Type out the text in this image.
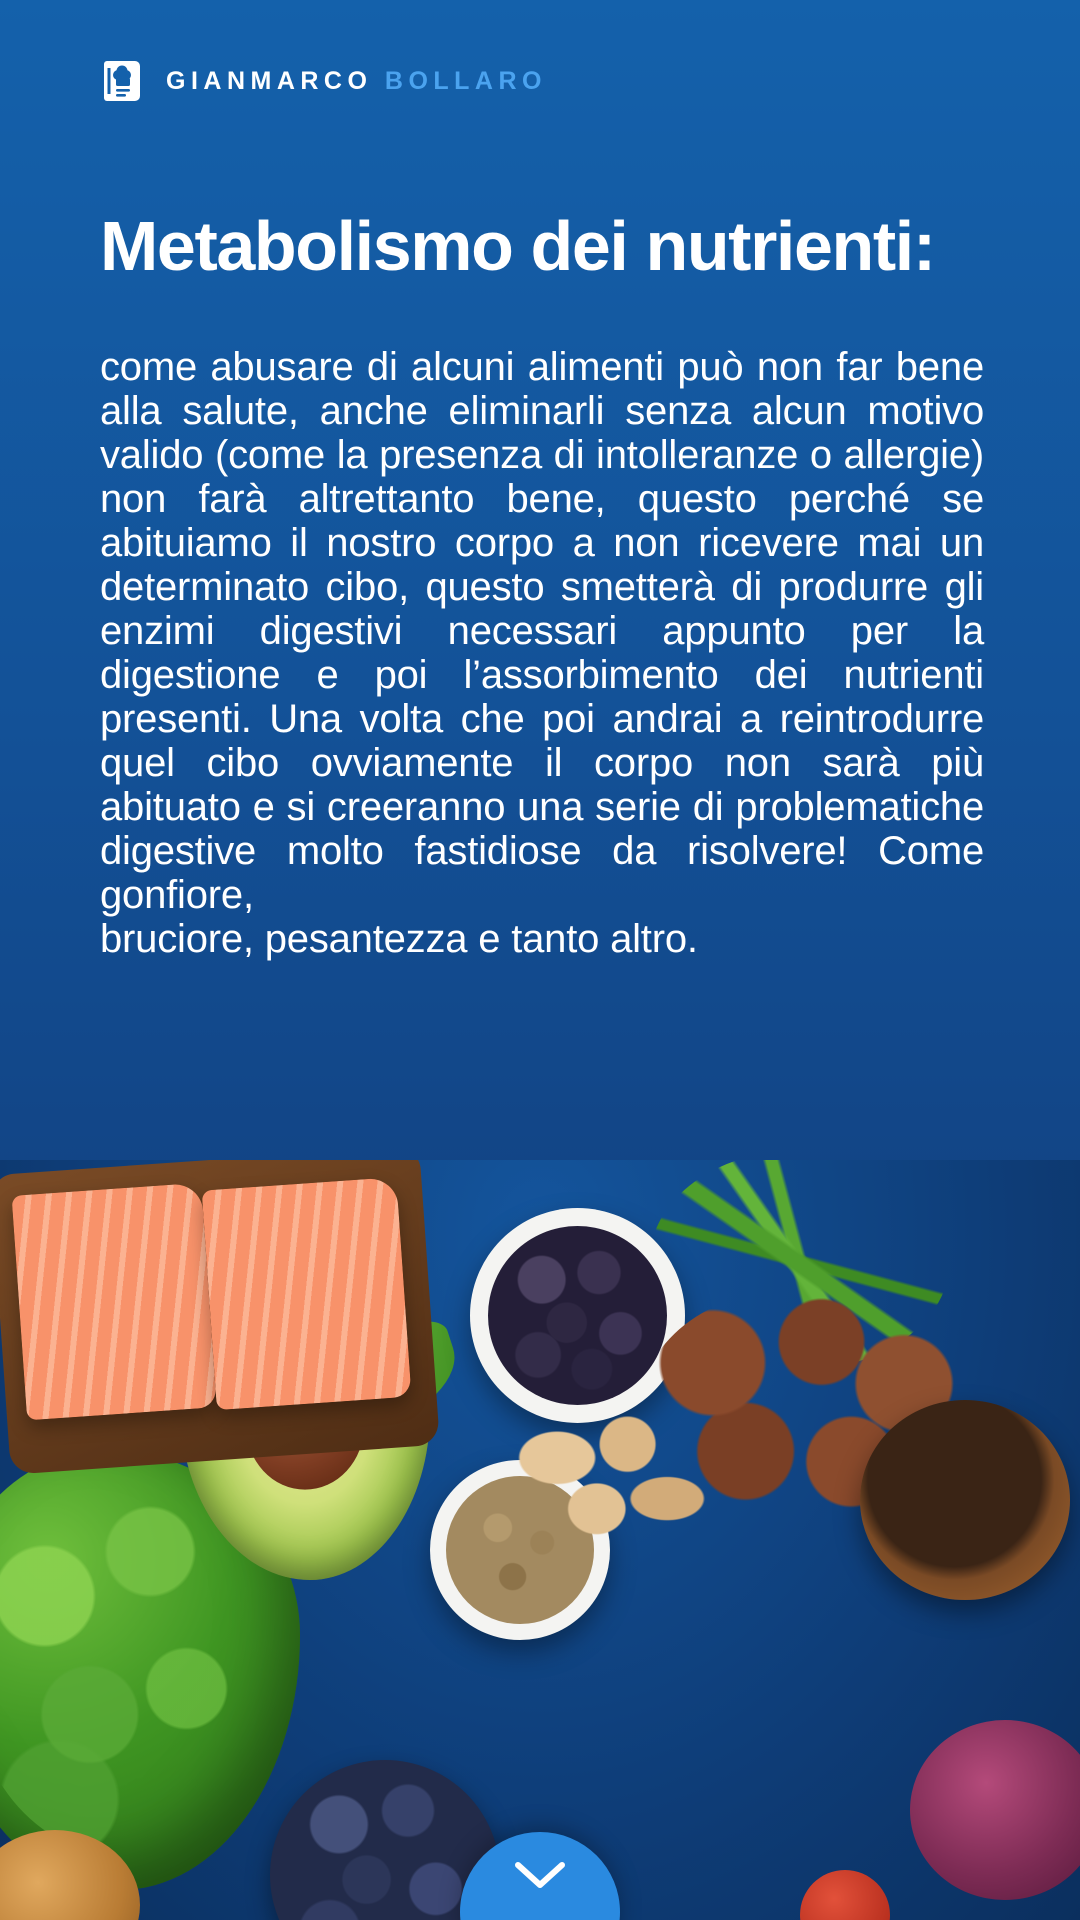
GIANMARCO BOLLARO
Metabolismo dei nutrienti:
come abusare di alcuni alimenti può non far bene alla salute, anche eliminarli senza alcun motivo valido (come la presenza di intolleranze o allergie) non farà altrettanto bene, questo perché se abituiamo il nostro corpo a non ricevere mai un determinato cibo, questo smetterà di produrre gli enzimi digestivi necessari appunto per la digestione e poi l’assorbimento dei nutrienti presenti. Una volta che poi andrai a reintrodurre quel cibo ovviamente il corpo non sarà più abituato e si creeranno una serie di problematiche digestive molto fastidiose da risolvere! Come gonfiore,
bruciore, pesantezza e tanto altro.
